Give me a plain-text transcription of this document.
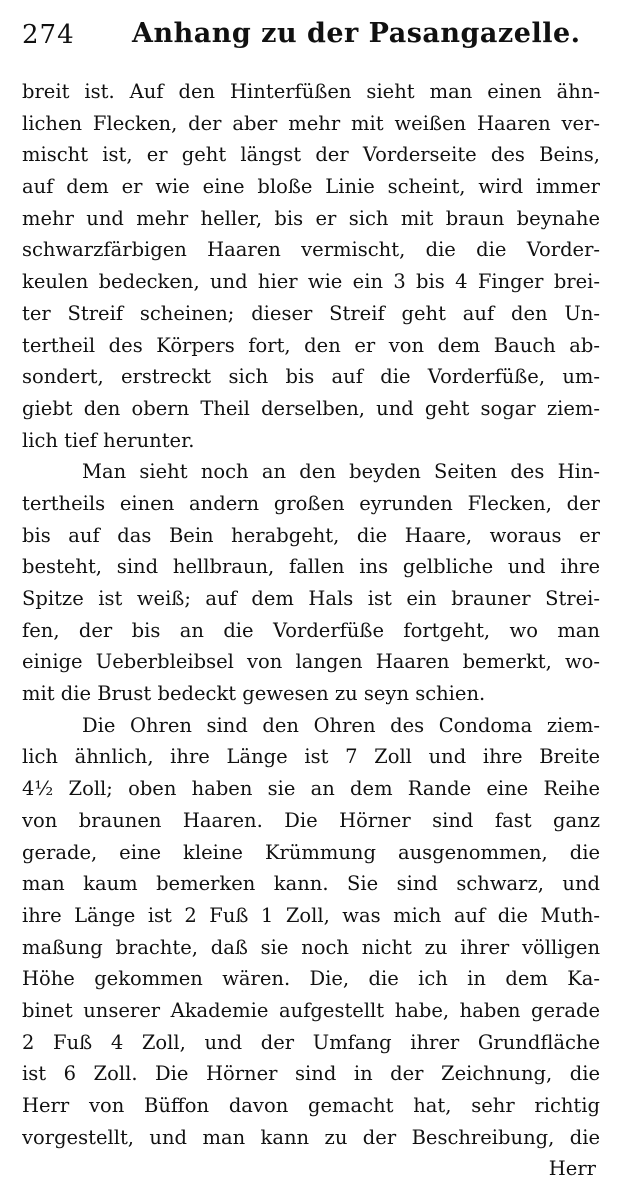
274 Anhang zu der Pasangazelle.
breit ist. Auf den Hinterfüßen sieht man einen ähn-
lichen Flecken, der aber mehr mit weißen Haaren ver-
mischt ist, er geht längst der Vorderseite des Beins,
auf dem er wie eine bloße Linie scheint, wird immer
mehr und mehr heller, bis er sich mit braun beynahe
schwarzfärbigen Haaren vermischt, die die Vorder-
keulen bedecken, und hier wie ein 3 bis 4 Finger brei-
ter Streif scheinen; dieser Streif geht auf den Un-
tertheil des Körpers fort, den er von dem Bauch ab-
sondert, erstreckt sich bis auf die Vorderfüße, um-
giebt den obern Theil derselben, und geht sogar ziem-
lich tief herunter.
Man sieht noch an den beyden Seiten des Hin-
tertheils einen andern großen eyrunden Flecken, der
bis auf das Bein herabgeht, die Haare, woraus er
besteht, sind hellbraun, fallen ins gelbliche und ihre
Spitze ist weiß; auf dem Hals ist ein brauner Strei-
fen, der bis an die Vorderfüße fortgeht, wo man
einige Ueberbleibsel von langen Haaren bemerkt, wo-
mit die Brust bedeckt gewesen zu seyn schien.
Die Ohren sind den Ohren des Condoma ziem-
lich ähnlich, ihre Länge ist 7 Zoll und ihre Breite
4½ Zoll; oben haben sie an dem Rande eine Reihe
von braunen Haaren. Die Hörner sind fast ganz
gerade, eine kleine Krümmung ausgenommen, die
man kaum bemerken kann. Sie sind schwarz, und
ihre Länge ist 2 Fuß 1 Zoll, was mich auf die Muth-
maßung brachte, daß sie noch nicht zu ihrer völligen
Höhe gekommen wären. Die, die ich in dem Ka-
binet unserer Akademie aufgestellt habe, haben gerade
2 Fuß 4 Zoll, und der Umfang ihrer Grundfläche
ist 6 Zoll. Die Hörner sind in der Zeichnung, die
Herr von Büffon davon gemacht hat, sehr richtig
vorgestellt, und man kann zu der Beschreibung, die
Herr
